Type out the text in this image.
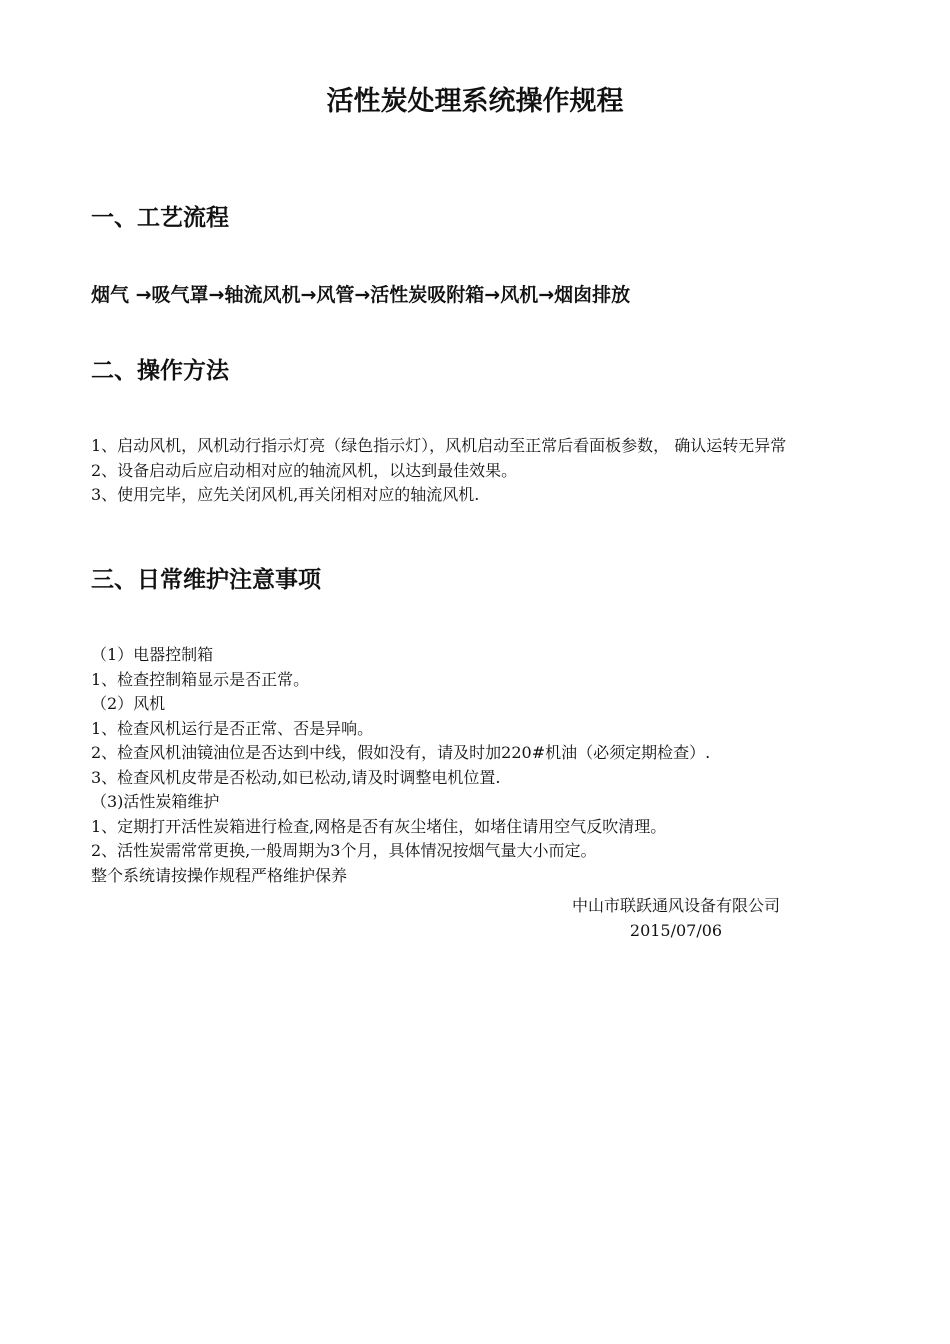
活性炭处理系统操作规程
一、工艺流程
烟气 →吸气罩→轴流风机→风管→活性炭吸附箱→风机→烟囱排放
二、操作方法

1、启动风机，风机动行指示灯亮（绿色指示灯），风机启动至正常后看面板参数， 确认运转无异常

2、设备启动后应启动相对应的轴流风机，以达到最佳效果。

3、使用完毕，应先关闭风机,再关闭相对应的轴流风机.

三、日常维护注意事项

（1）电器控制箱

1、检查控制箱显示是否正常。

（2）风机

1、检查风机运行是否正常、否是异响。

2、检查风机油镜油位是否达到中线，假如没有，请及时加220#机油（必须定期检查）.

3、检查风机皮带是否松动,如已松动,请及时调整电机位置.

（3)活性炭箱维护

1、定期打开活性炭箱进行检查,网格是否有灰尘堵住，如堵住请用空气反吹清理。

2、活性炭需常常更换,一般周期为3个月，具体情况按烟气量大小而定。

整个系统请按操作规程严格维护保养

中山市联跃通风设备有限公司

2015/07/06
